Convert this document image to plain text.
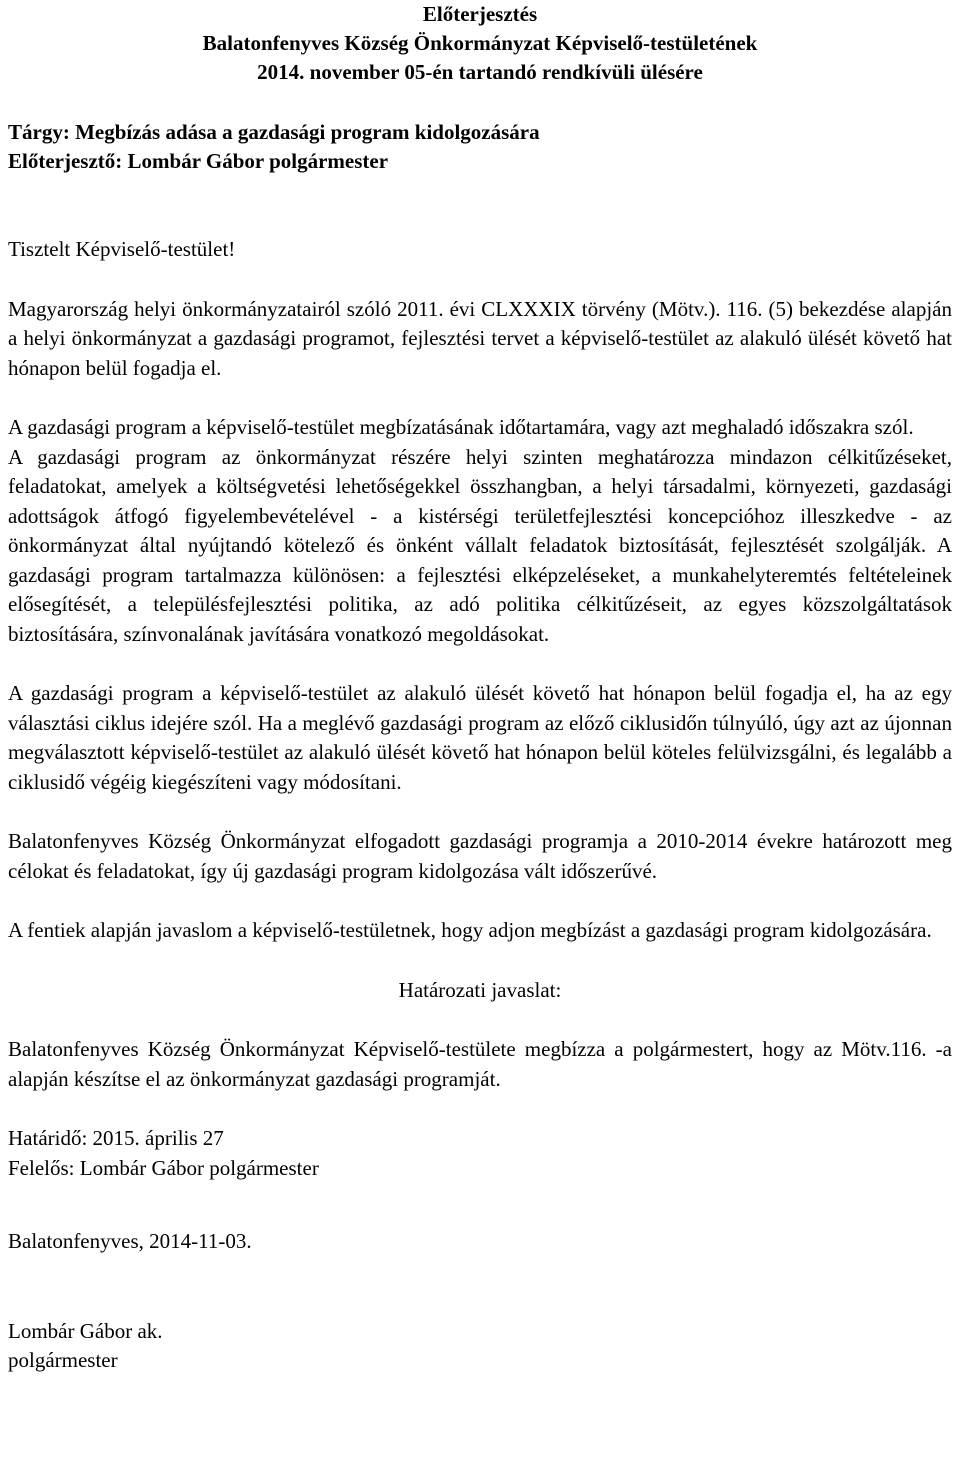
Előterjesztés
Balatonfenyves Község Önkormányzat Képviselő-testületének
2014. november 05-én tartandó rendkívüli ülésére
Tárgy: Megbízás adása a gazdasági program kidolgozására
Előterjesztő: Lombár Gábor polgármester
Tisztelt Képviselő-testület!

Magyarország helyi önkormányzatairól szóló 2011. évi CLXXXIX törvény (Mötv.). 116. (5) bekezdése alapján a helyi önkormányzat a gazdasági programot, fejlesztési tervet a képviselő-testület az alakuló ülését követő hat hónapon belül fogadja el.

A gazdasági program a képviselő-testület megbízatásának időtartamára, vagy azt meghaladó időszakra szól.

A gazdasági program az önkormányzat részére helyi szinten meghatározza mindazon célkitűzéseket, feladatokat, amelyek a költségvetési lehetőségekkel összhangban, a helyi társadalmi, környezeti, gazdasági adottságok átfogó figyelembevételével - a kistérségi területfejlesztési koncepcióhoz illeszkedve - az önkormányzat által nyújtandó kötelező és önként vállalt feladatok biztosítását, fejlesztését szolgálják. A gazdasági program tartalmazza különösen: a fejlesztési elképzeléseket, a munkahelyteremtés feltételeinek elősegítését, a településfejlesztési politika, az adó politika célkitűzéseit, az egyes közszolgáltatások biztosítására, színvonalának javítására vonatkozó megoldásokat.

A gazdasági program a képviselő-testület az alakuló ülését követő hat hónapon belül fogadja el, ha az egy választási ciklus idejére szól. Ha a meglévő gazdasági program az előző ciklusidőn túlnyúló, úgy azt az újonnan megválasztott képviselő-testület az alakuló ülését követő hat hónapon belül köteles felülvizsgálni, és legalább a ciklusidő végéig kiegészíteni vagy módosítani.

Balatonfenyves Község Önkormányzat elfogadott gazdasági programja a 2010-2014 évekre határozott meg célokat és feladatokat, így új gazdasági program kidolgozása vált időszerűvé.

A fentiek alapján javaslom a képviselő-testületnek, hogy adjon megbízást a gazdasági program kidolgozására.

Határozati javaslat:

Balatonfenyves Község Önkormányzat Képviselő-testülete megbízza a polgármestert, hogy az Mötv.116. -a alapján készítse el az önkormányzat gazdasági programját.

Határidő: 2015. április 27
Felelős: Lombár Gábor polgármester
Balatonfenyves, 2014-11-03.
Lombár Gábor ak.
polgármester
